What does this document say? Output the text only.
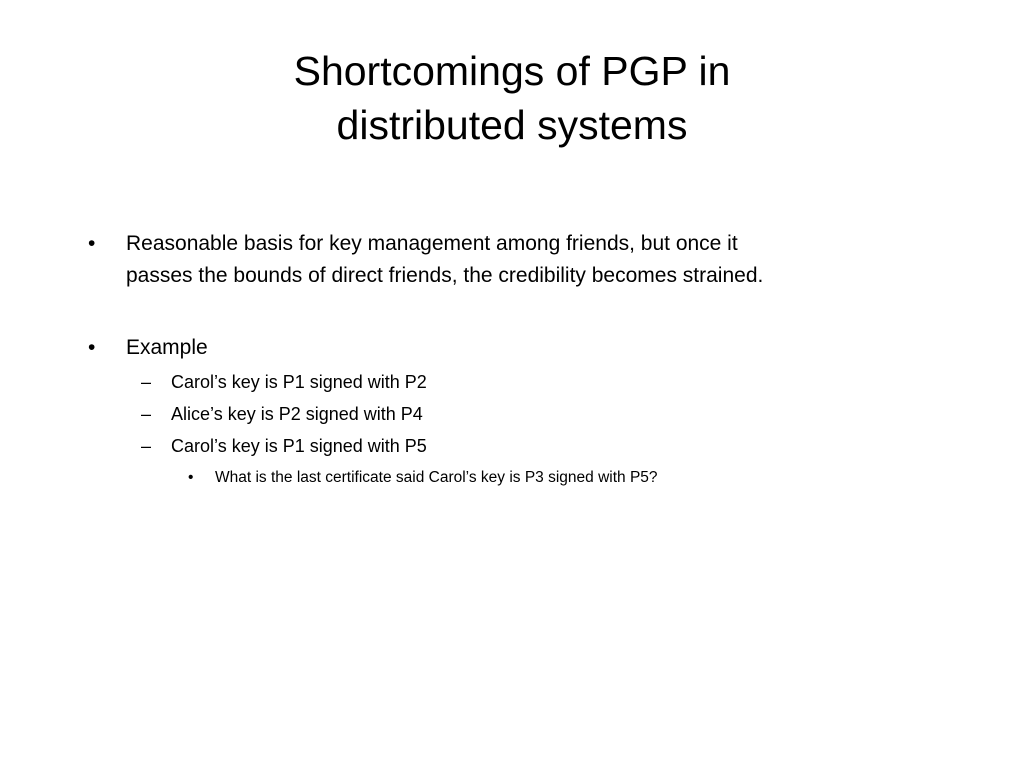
Shortcomings of PGP in
distributed systems
• Reasonable basis for key management among friends, but once it
passes the bounds of direct friends, the credibility becomes strained.
• Example
– Carol’s key is P1 signed with P2
– Alice’s key is P2 signed with P4
– Carol’s key is P1 signed with P5
• What is the last certificate said Carol’s key is P3 signed with P5?
